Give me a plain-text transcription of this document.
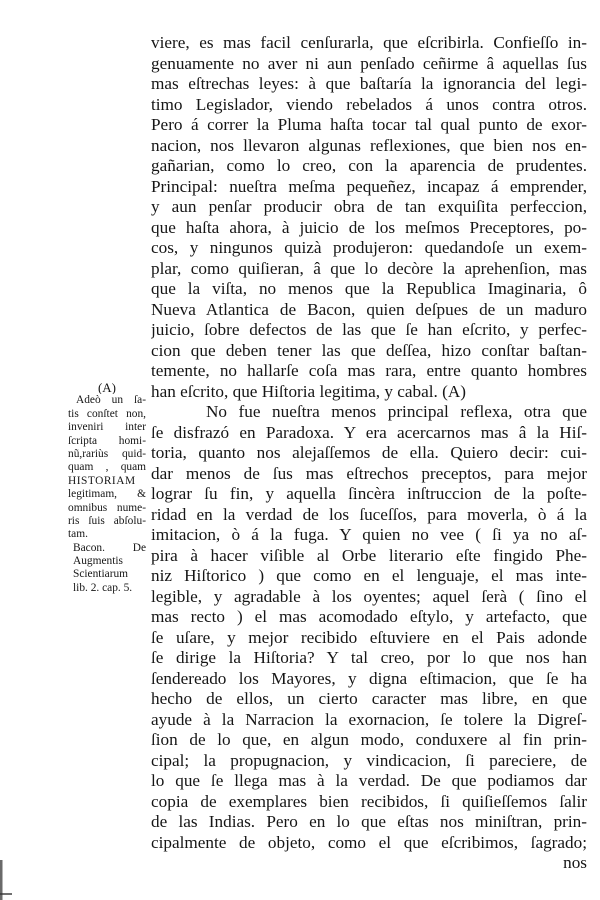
viere, es mas facil cenſurarla, que eſcribirla. Confieſſo in-
genuamente no aver ni aun penſado ceñirme â aquellas ſus
mas eſtrechas leyes: à que baſtaría la ignorancia del legi-
timo Legislador, viendo rebelados á unos contra otros.
Pero á correr la Pluma haſta tocar tal qual punto de exor-
nacion, nos llevaron algunas reflexiones, que bien nos en-
gañarian, como lo creo, con la aparencia de prudentes.
Principal: nueſtra meſma pequeñez, incapaz á emprender,
y aun penſar producir obra de tan exquiſita perfeccion,
que haſta ahora, à juicio de los meſmos Preceptores, po-
cos, y ningunos quizà produjeron: quedandoſe un exem-
plar, como quiſieran, â que lo decòre la aprehenſion, mas
que la viſta, no menos que la Republica Imaginaria, ô
Nueva Atlantica de Bacon, quien deſpues de un maduro
juicio, ſobre defectos de las que ſe han eſcrito, y perfec-
cion que deben tener las que deſſea, hizo conſtar baſtan-
temente, no hallarſe coſa mas rara, entre quanto hombres
han eſcrito, que Hiſtoria legitima, y cabal. (A)
No fue nueſtra menos principal reflexa, otra que
ſe disfrazó en Paradoxa. Y era acercarnos mas â la Hiſ-
toria, quanto nos alejaſſemos de ella. Quiero decir: cui-
dar menos de ſus mas eſtrechos preceptos, para mejor
lograr ſu fin, y aquella ſincèra inſtruccion de la poſte-
ridad en la verdad de los ſuceſſos, para moverla, ò á la
imitacion, ò á la fuga. Y quien no vee ( ſi ya no aſ-
pira à hacer viſible al Orbe literario eſte fingido Phe-
niz Hiſtorico ) que como en el lenguaje, el mas inte-
legible, y agradable à los oyentes; aquel ſerà ( ſino el
mas recto ) el mas acomodado eſtylo, y artefacto, que
ſe uſare, y mejor recibido eſtuviere en el Pais adonde
ſe dirige la Hiſtoria? Y tal creo, por lo que nos han
ſendereado los Mayores, y digna eſtimacion, que ſe ha
hecho de ellos, un cierto caracter mas libre, en que
ayude à la Narracion la exornacion, ſe tolere la Digreſ-
ſion de lo que, en algun modo, conduxere al fin prin-
cipal; la propugnacion, y vindicacion, ſi pareciere, de
lo que ſe llega mas à la verdad. De que podiamos dar
copia de exemplares bien recibidos, ſi quiſieſſemos ſalir
de las Indias. Pero en lo que eſtas nos miniſtran, prin-
cipalmente de objeto, como el que eſcribimos, ſagrado;
nos
(A)
Adeò un ſa-
tis conſtet non,
inveniri inter
ſcripta homi-
nũ,rariùs quid-
quam , quam
HISTORIAM
legitimam, &
omnibus nume-
ris ſuis abſolu-
tam.
Bacon. De
Augmentis
Scientiarum
lib. 2. cap. 5.
